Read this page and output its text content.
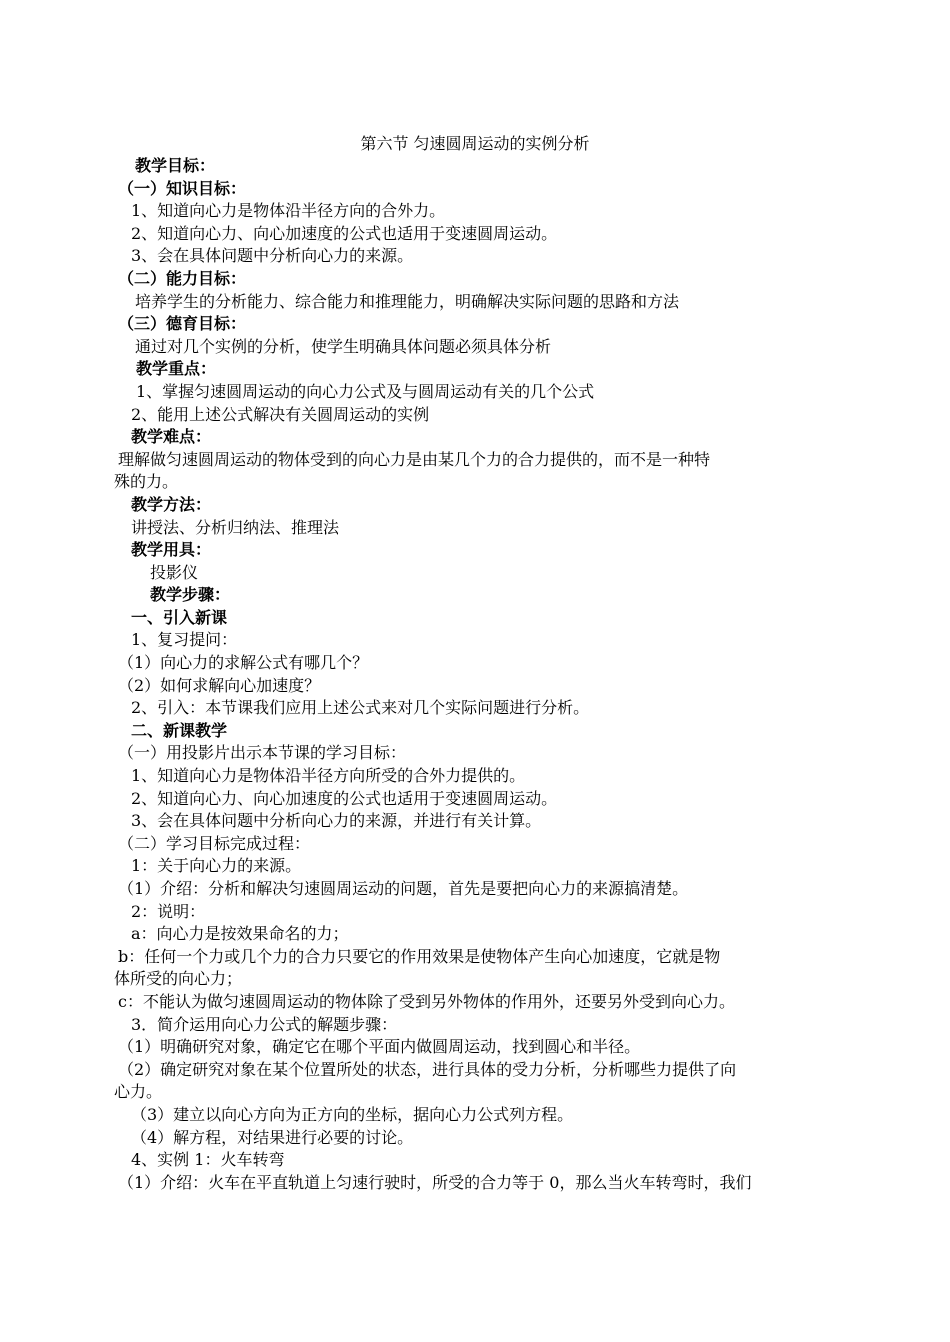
第六节 匀速圆周运动的实例分析
教学目标：
（一）知识目标：
1、知道向心力是物体沿半径方向的合外力。
2、知道向心力、向心加速度的公式也适用于变速圆周运动。
3、会在具体问题中分析向心力的来源。
（二）能力目标：
培养学生的分析能力、综合能力和推理能力，明确解决实际问题的思路和方法
（三）德育目标：
通过对几个实例的分析，使学生明确具体问题必须具体分析
教学重点：
1、掌握匀速圆周运动的向心力公式及与圆周运动有关的几个公式
2、能用上述公式解决有关圆周运动的实例
教学难点：
理解做匀速圆周运动的物体受到的向心力是由某几个力的合力提供的，而不是一种特
殊的力。
教学方法：
讲授法、分析归纳法、推理法
教学用具：
投影仪
教学步骤：
一、引入新课
1、复习提问：
（1）向心力的求解公式有哪几个？
（2）如何求解向心加速度？
2、引入：本节课我们应用上述公式来对几个实际问题进行分析。
二、新课教学
（一）用投影片出示本节课的学习目标：
1、知道向心力是物体沿半径方向所受的合外力提供的。
2、知道向心力、向心加速度的公式也适用于变速圆周运动。
3、会在具体问题中分析向心力的来源，并进行有关计算。
（二）学习目标完成过程：
1：关于向心力的来源。
（1）介绍：分析和解决匀速圆周运动的问题，首先是要把向心力的来源搞清楚。
2：说明：
a：向心力是按效果命名的力；
b：任何一个力或几个力的合力只要它的作用效果是使物体产生向心加速度，它就是物
体所受的向心力；
c：不能认为做匀速圆周运动的物体除了受到另外物体的作用外，还要另外受到向心力。
3．简介运用向心力公式的解题步骤：
（1）明确研究对象，确定它在哪个平面内做圆周运动，找到圆心和半径。
（2）确定研究对象在某个位置所处的状态，进行具体的受力分析，分析哪些力提供了向
心力。
（3）建立以向心方向为正方向的坐标，据向心力公式列方程。
（4）解方程，对结果进行必要的讨论。
4、实例 1：火车转弯
（1）介绍：火车在平直轨道上匀速行驶时，所受的合力等于 0，那么当火车转弯时，我们
